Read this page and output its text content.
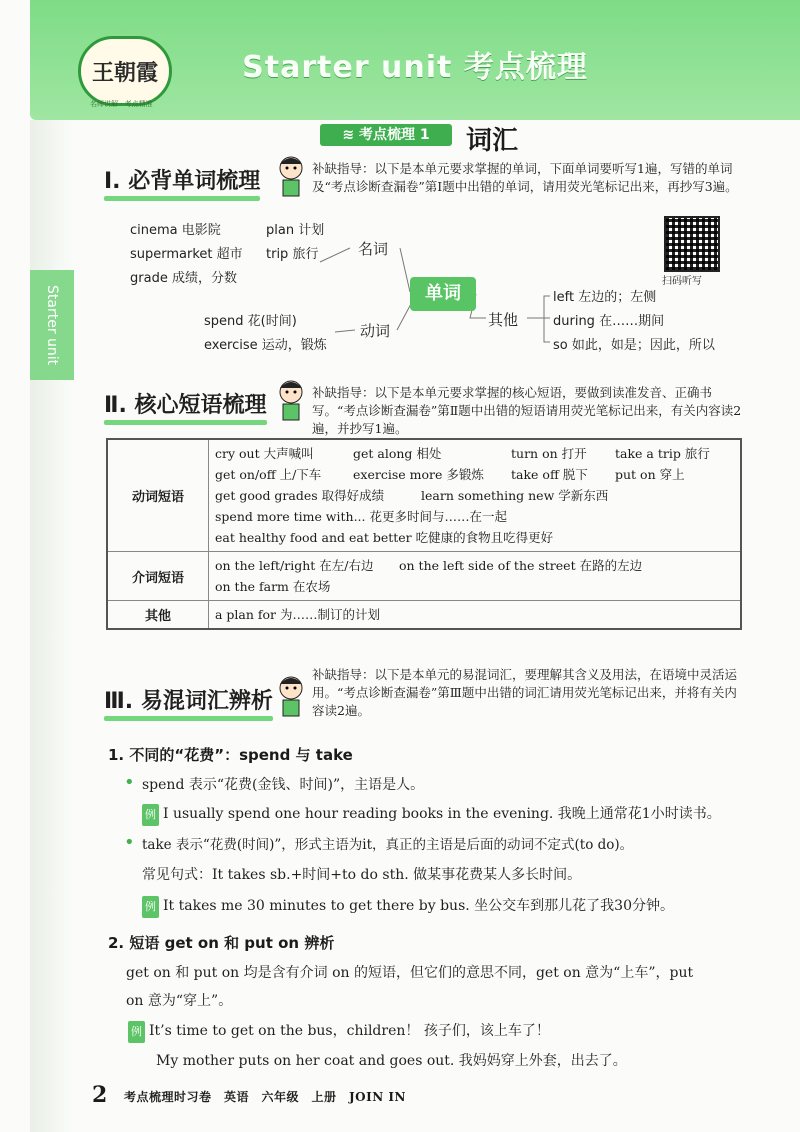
王朝霞
名师讲解 · 考点精准
Starter unit 考点梳理
Starter unit
≋ 考点梳理 1	词汇
Ⅰ. 必背单词梳理
补缺指导：以下是本单元要求掌握的单词，下面单词要听写1遍，写错的单词及“考点诊断查漏卷”第Ⅰ题中出错的单词，请用荧光笔标记出来，再抄写3遍。
cinema 电影院
supermarket 超市
grade 成绩，分数
plan 计划
trip 旅行	名词
spend 花(时间)
exercise 运动，锻炼
动词
单词
其他
left 左边的；左侧
during 在……期间
so 如此，如是；因此，所以
扫码听写
Ⅱ. 核心短语梳理
补缺指导：以下是本单元要求掌握的核心短语，要做到读准发音、正确书写。“考点诊断查漏卷”第Ⅱ题中出错的短语请用荧光笔标记出来，有关内容读2遍，并抄写1遍。
动词短语	cry out 大声喊叫 get along 相处 turn on 打开 take a trip 旅行
get on/off 上/下车 exercise more 多锻炼 take off 脱下 put on 穿上
get good grades 取得好成绩 learn something new 学新东西
spend more time with... 花更多时间与……在一起
eat healthy food and eat better 吃健康的食物且吃得更好

介词短语	on the left/right 在左/右边 on the left side of the street 在路的左边
on the farm 在农场

其他	a plan for 为……制订的计划
Ⅲ. 易混词汇辨析
补缺指导：以下是本单元的易混词汇，要理解其含义及用法，在语境中灵活运用。“考点诊断查漏卷”第Ⅲ题中出错的词汇请用荧光笔标记出来，并将有关内容读2遍。
1. 不同的“花费”：spend 与 take
• spend 表示“花费(金钱、时间)”，主语是人。
例 I usually spend one hour reading books in the evening. 我晚上通常花1小时读书。
• take 表示“花费(时间)”，形式主语为it，真正的主语是后面的动词不定式(to do)。
常见句式：It takes sb.+时间+to do sth. 做某事花费某人多长时间。
例 It takes me 30 minutes to get there by bus. 坐公交车到那儿花了我30分钟。
2. 短语 get on 和 put on 辨析
get on 和 put on 均是含有介词 on 的短语，但它们的意思不同，get on 意为“上车”，put
on 意为“穿上”。
例 It’s time to get on the bus，children！ 孩子们，该上车了！
My mother puts on her coat and goes out. 我妈妈穿上外套，出去了。
2 考点梳理时习卷　英语　六年级　上册　JOIN IN
